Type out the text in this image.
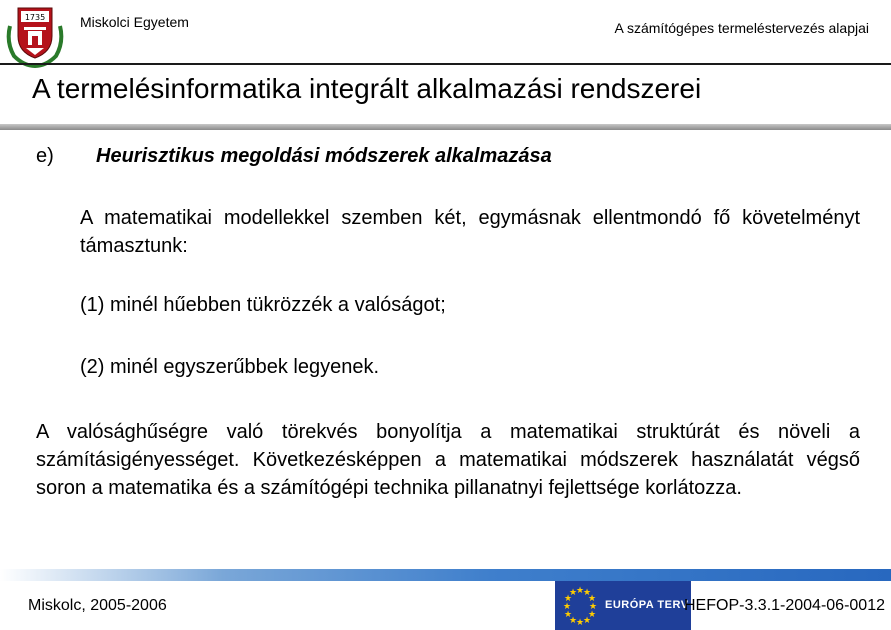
1735 Miskolci Egyetem	A számítógépes termeléstervezés alapjai
A termelésinformatika integrált alkalmazási rendszerei
e) Heurisztikus megoldási módszerek alkalmazása
A matematikai modellekkel szemben két, egymásnak ellentmondó fő követelményt támasztunk:
(1) minél hűebben tükrözzék a valóságot;
(2) minél egyszerűbbek legyenek.
A valósághűségre való törekvés bonyolítja a matematikai struktúrát és növeli a számításigényességet. Következésképpen a matematikai módszerek használatát végső soron a matematika és a számítógépi technika pillanatnyi fejlettsége korlátozza.
Miskolc, 2005-2006
★
★
★
★
★
★
★
★
★
★
★
★
EURÓPA TERV
HEFOP-3.3.1-2004-06-0012
